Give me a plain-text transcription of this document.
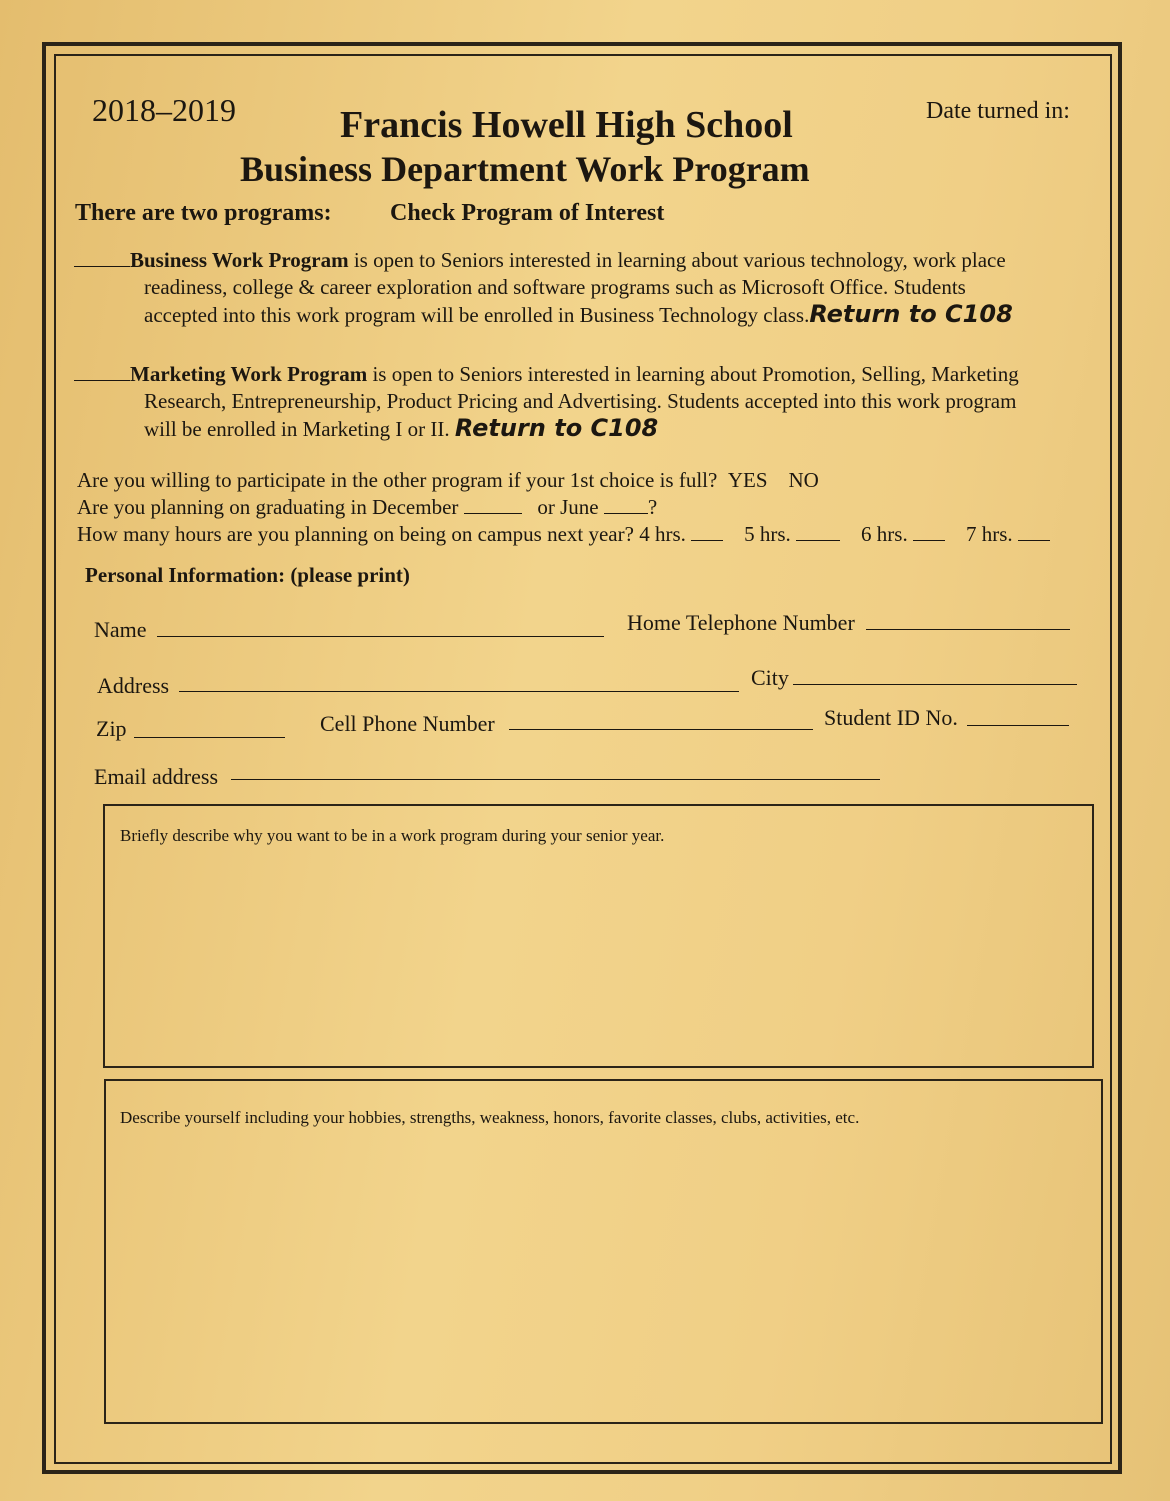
2018–2019	Date turned in:
Francis Howell High School
Business Department Work Program
There are two programs: Check Program of Interest
Business Work Program is open to Seniors interested in learning about various technology, work place
readiness, college & career exploration and software programs such as Microsoft Office. Students
accepted into this work program will be enrolled in Business Technology class.Return to C108
Marketing Work Program is open to Seniors interested in learning about Promotion, Selling, Marketing
Research, Entrepreneurship, Product Pricing and Advertising. Students accepted into this work program
will be enrolled in Marketing I or II. Return to C108
Are you willing to participate in the other program if your 1st choice is full? YES NO
Are you planning on graduating in December	or June ?
How many hours are you planning on being on campus next year? 4 hrs.	5 hrs.	6 hrs.	7 hrs.
Personal Information: (please print)
Name	Home Telephone Number
Address	City
Zip	Cell Phone Number	Student ID No.
Email address
Briefly describe why you want to be in a work program during your senior year.
Describe yourself including your hobbies, strengths, weakness, honors, favorite classes, clubs, activities, etc.
